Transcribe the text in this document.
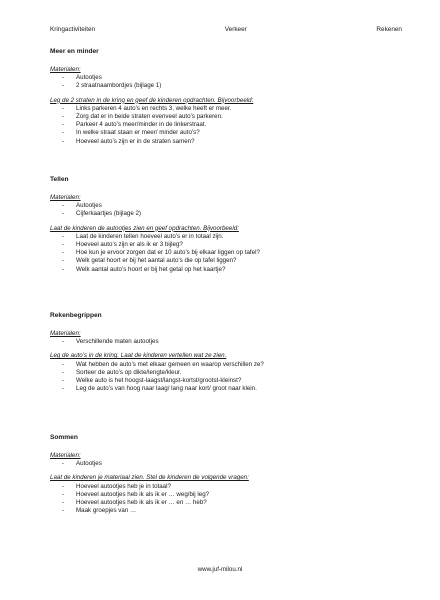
Kringactiviteiten	Verkeer	Rekenen

Meer en minder

Materialen:

- Autootjes
- 2 straatnaambordjes (bijlage 1)

Leg de 2 straten in de kring en geef de kinderen opdrachten. Bijvoorbeeld:

- Links parkeren 4 auto’s en rechts 3, welke heeft er meer.
- Zorg dat er in beide straten evenveel auto’s parkeren.
- Parkeer 4 auto’s meer/minder in de linkerstraat.
- In welke straat staan er meer/ minder auto’s?
- Hoeveel auto’s zijn er in de straten samen?

Tellen

Materialen:

- Autootjes
- Cijferkaartjes (bijlage 2)

Laat de kinderen de autootjes zien en geef opdrachten. Bijvoorbeeld:

- Laat de kinderen tellen hoeveel auto’s er in totaal zijn.
- Hoeveel auto’s zijn er als ik er 3 bijleg?
- Hoe kun je ervoor zorgen dat er 10 auto’s bij elkaar liggen op tafel?
- Welk getal hoort er bij het aantal auto’s die op tafel liggen?
- Welk aantal auto’s hoort er bij het getal op het kaartje?

Rekenbegrippen

Materialen:

- Verschillende maten autootjes

Leg de auto’s in de kring. Laat de kinderen vertellen wat ze zien.

- Wat hebben de auto’s met elkaar gemeen en waarop verschillen ze?
- Sorteer de auto’s op dikte/lengte/kleur.
- Welke auto is het hoogst-laagst/langst-kortst/grootst-kleinst?
- Leg de auto’s van hoog naar laag/ lang naar kort/ groot naar klein.

Sommen

Materialen:

- Autootjes

Laat de kinderen je materiaal zien. Stel de kinderen de volgende vragen:

- Hoeveel autootjes heb je in totaal?
- Hoeveel autootjes heb ik als ik er … weg/bij leg?
- Hoeveel autootjes heb ik als ik er … en … heb?
- Maak groepjes van …
www.juf-milou.nl
